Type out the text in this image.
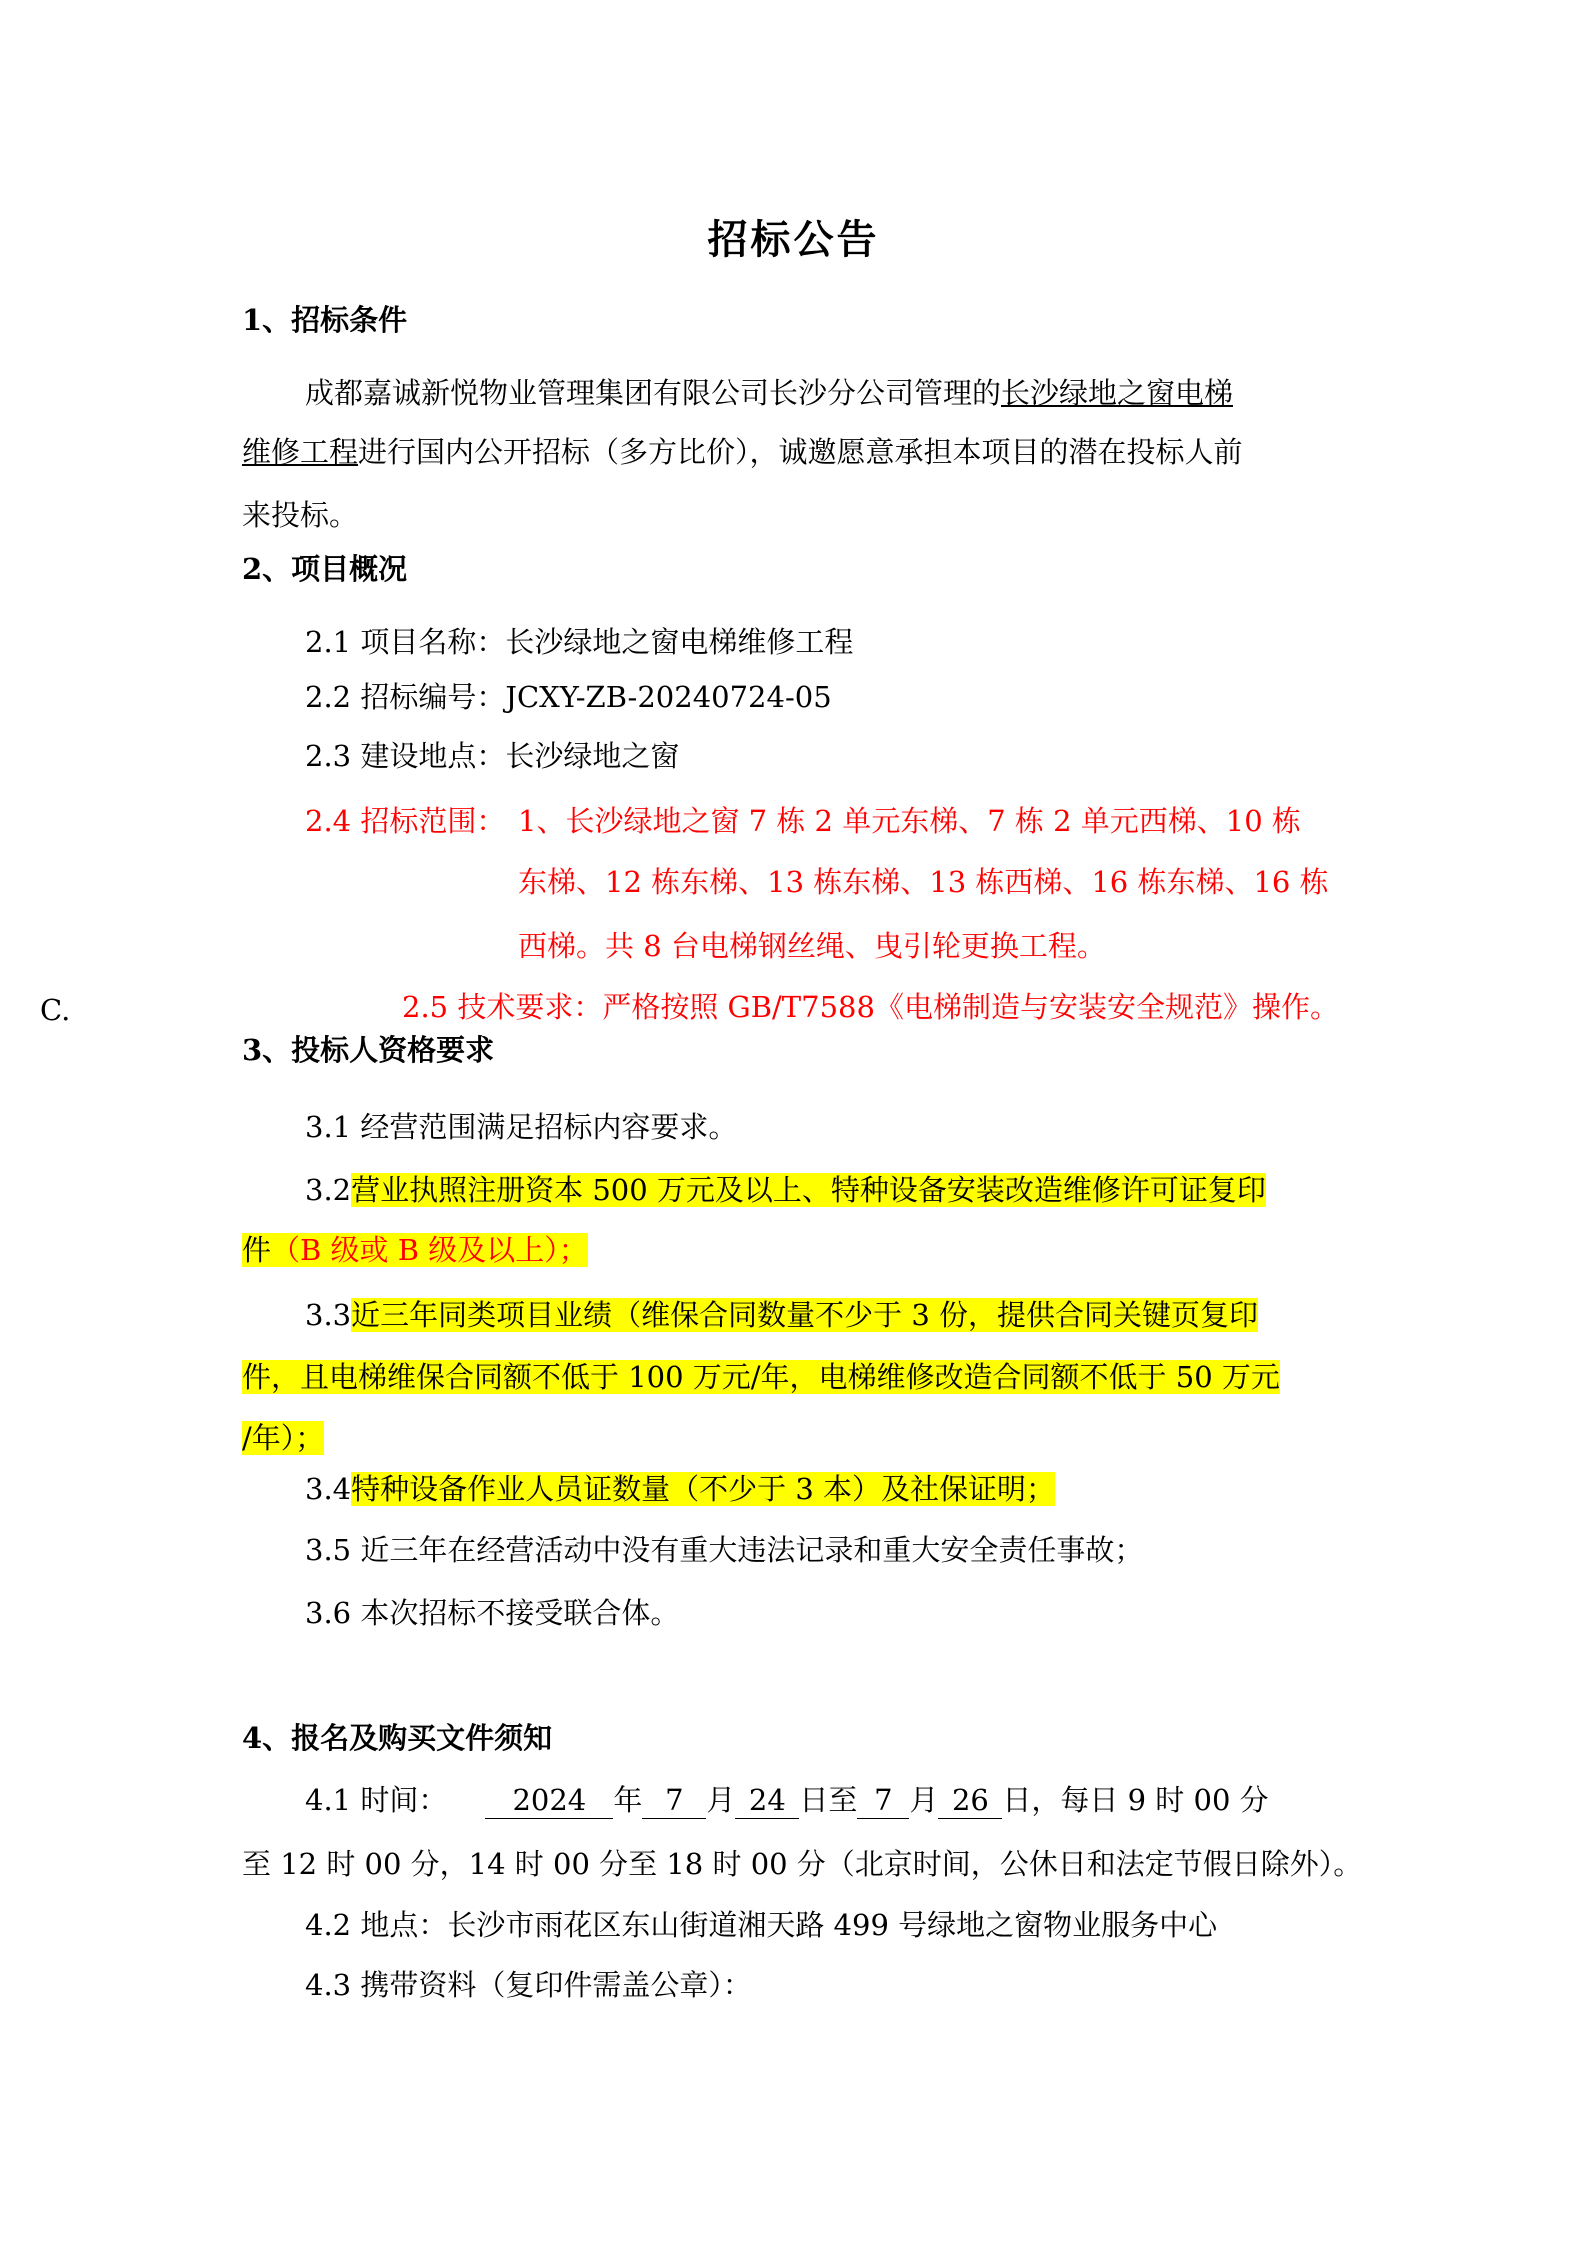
招标公告
1、招标条件
成都嘉诚新悦物业管理集团有限公司长沙分公司管理的长沙绿地之窗电梯
维修工程进行国内公开招标（多方比价），诚邀愿意承担本项目的潜在投标人前
来投标。
2、项目概况
2.1 项目名称：长沙绿地之窗电梯维修工程
2.2 招标编号：JCXY-ZB-20240724-05
2.3 建设地点：长沙绿地之窗
2.4 招标范围： 1、长沙绿地之窗 7 栋 2 单元东梯、7 栋 2 单元西梯、10 栋
东梯、12 栋东梯、13 栋东梯、13 栋西梯、16 栋东梯、16 栋
西梯。共 8 台电梯钢丝绳、曳引轮更换工程。
C.	2.5 技术要求：严格按照 GB/T7588《电梯制造与安装安全规范》操作。
3、投标人资格要求
3.1 经营范围满足招标内容要求。
3.2营业执照注册资本 500 万元及以上、特种设备安装改造维修许可证复印
件（B 级或 B 级及以上）；
3.3近三年同类项目业绩（维保合同数量不少于 3 份，提供合同关键页复印
件，且电梯维保合同额不低于 100 万元/年，电梯维修改造合同额不低于 50 万元
/年）；
3.4特种设备作业人员证数量（不少于 3 本）及社保证明；
3.5 近三年在经营活动中没有重大违法记录和重大安全责任事故；
3.6 本次招标不接受联合体。
4、报名及购买文件须知
4.1 时间： 2024 年 7 月 24 日至 7 月 26 日，每日 9 时 00 分
至 12 时 00 分，14 时 00 分至 18 时 00 分（北京时间，公休日和法定节假日除外）。
4.2 地点：长沙市雨花区东山街道湘天路 499 号绿地之窗物业服务中心
4.3 携带资料（复印件需盖公章）：
